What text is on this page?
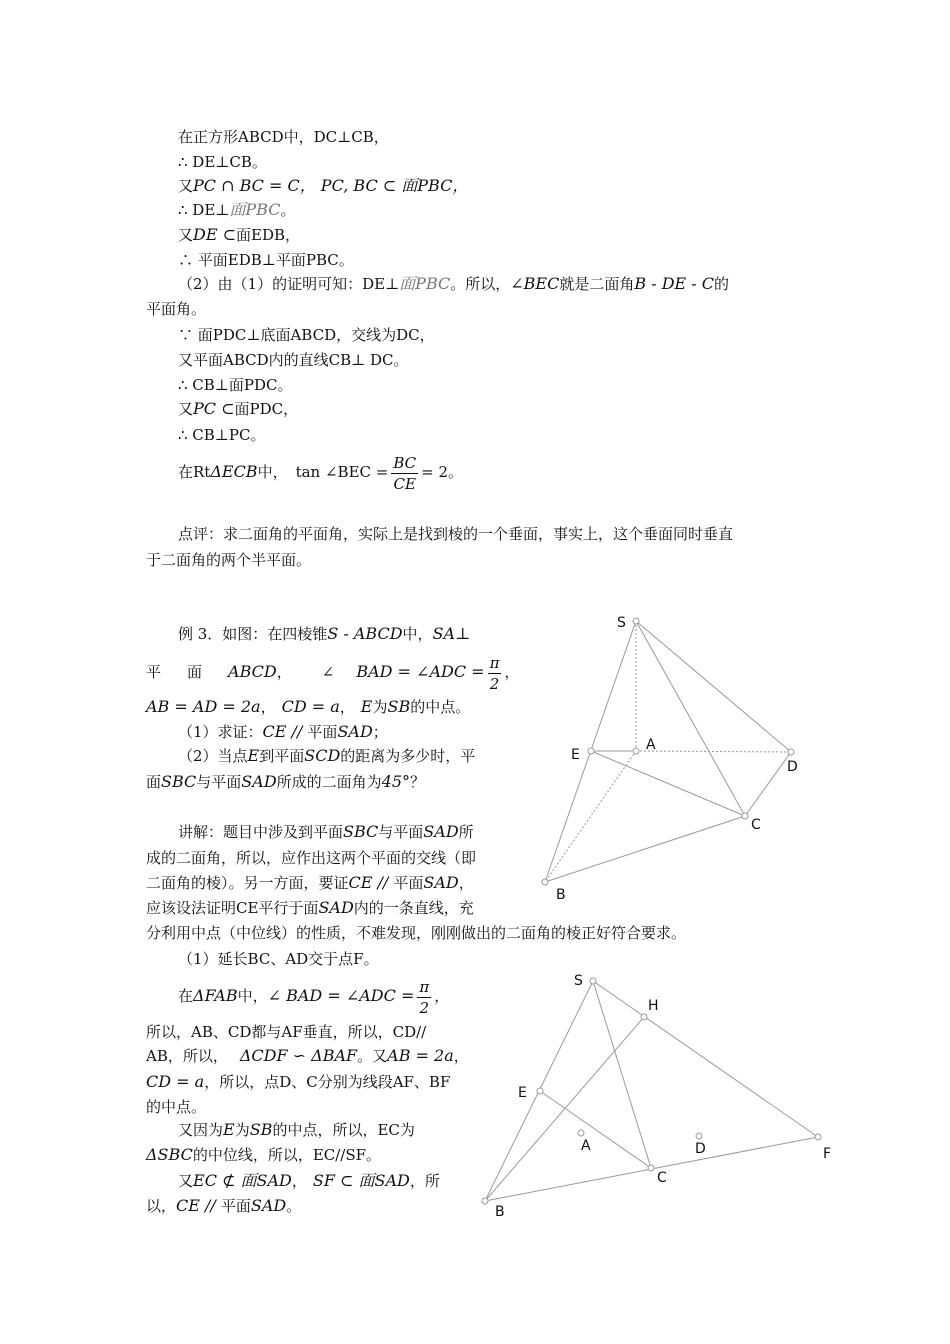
在正方形ABCD中，DC⊥CB，
∴ DE⊥CB。
又PC ∩ BC = C， PC, BC ⊂ 面PBC，
∴ DE⊥面PBC。
又DE ⊂面EDB，
∴ 平面EDB⊥平面PBC。
（2）由（1）的证明可知：DE⊥面PBC。所以，∠BEC就是二面角B - DE - C的
平面角。
∵ 面PDC⊥底面ABCD，交线为DC，
又平面ABCD内的直线CB⊥ DC。
∴ CB⊥面PDC。
又PC ⊂面PDC，
∴ CB⊥PC。
在RtΔECB中， tan ∠BEC = $\frac{BC}{CE} = 2$。
点评：求二面角的平面角，实际上是找到棱的一个垂面，事实上，这个垂面同时垂直
于二面角的两个半平面。
例 3．如图：在四棱锥S - ABCD中，SA⊥
平 面 ABCD， ∠ BAD = ∠ADC = $\frac{\pi}{2}$ ，
AB = AD = 2a， CD = a， E为SB的中点。
（1）求证：CE // 平面SAD；
（2）当点E到平面SCD的距离为多少时，平
面SBC与平面SAD所成的二面角为45°？
讲解：题目中涉及到平面SBC与平面SAD所
成的二面角，所以，应作出这两个平面的交线（即
二面角的棱）。另一方面，要证CE // 平面SAD，
应该设法证明CE平行于面SAD内的一条直线，充
分利用中点（中位线）的性质，不难发现，刚刚做出的二面角的棱正好符合要求。
（1）延长BC、AD交于点F。
在ΔFAB中，∠ BAD = ∠ADC = $\frac{\pi}{2}$ ，
所以，AB、CD都与AF垂直，所以，CD//
AB，所以， ΔCDF ∽ ΔBAF。又AB = 2a，
CD = a，所以，点D、C分别为线段AF、BF
的中点。
又因为E为SB的中点，所以，EC为
ΔSBC的中位线，所以，EC//SF。
又EC ⊄ 面SAD， SF ⊂ 面SAD，所
以，CE // 平面SAD。
S
A
E
D
C
B
S
H
E
A	D	F
C
B
